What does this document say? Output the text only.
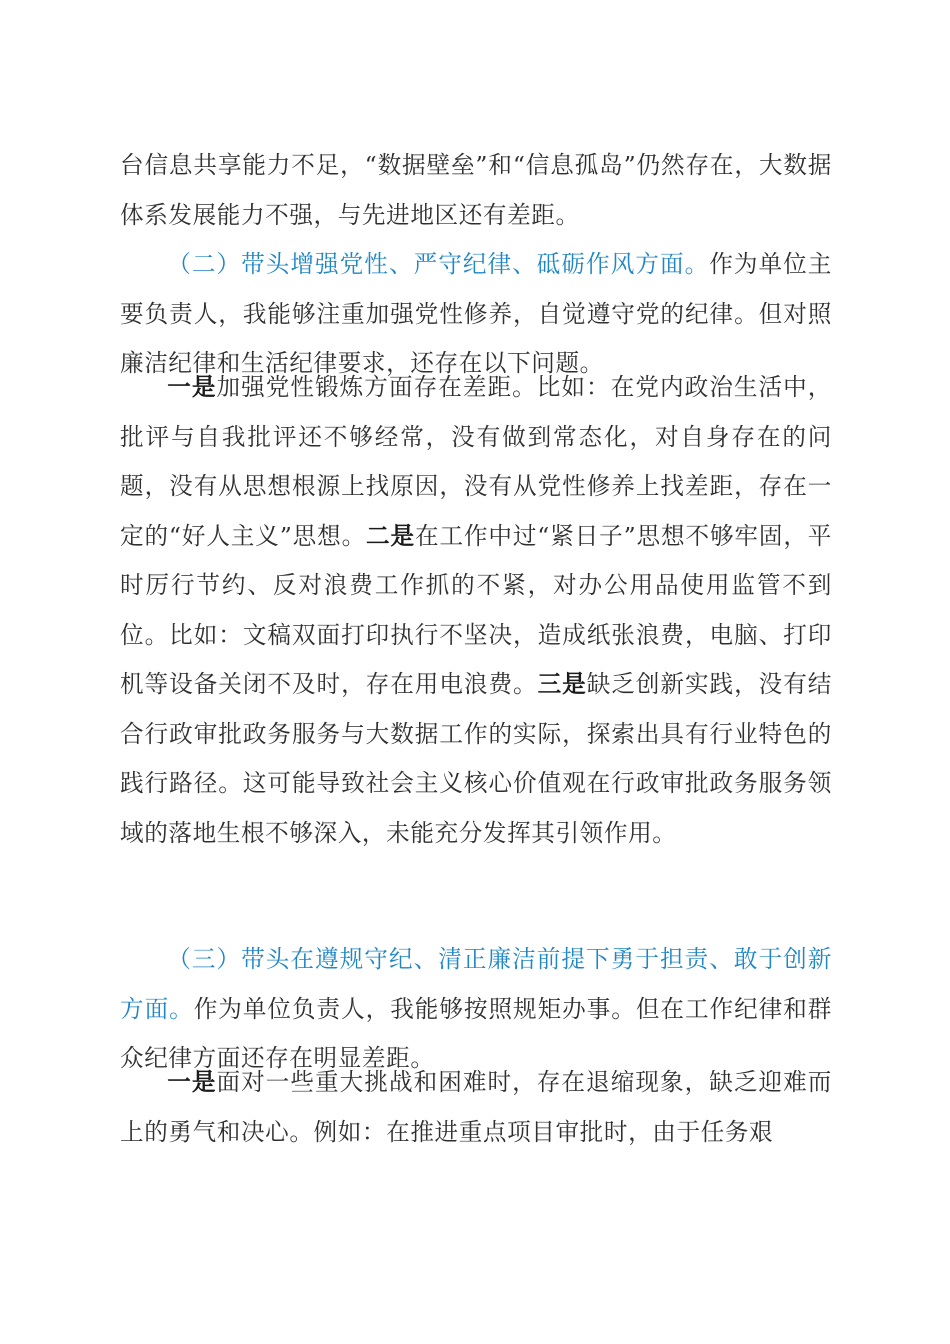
台信息共享能力不足，“数据壁垒”和“信息孤岛”仍然存在，大数据体系发展能力不强，与先进地区还有差距。

（二）带头增强党性、严守纪律、砥砺作风方面。作为单位主要负责人，我能够注重加强党性修养，自觉遵守党的纪律。但对照廉洁纪律和生活纪律要求，还存在以下问题。

一是加强党性锻炼方面存在差距。比如：在党内政治生活中，批评与自我批评还不够经常，没有做到常态化，对自身存在的问题，没有从思想根源上找原因，没有从党性修养上找差距，存在一定的“好人主义”思想。二是在工作中过“紧日子”思想不够牢固，平时厉行节约、反对浪费工作抓的不紧，对办公用品使用监管不到位。比如：文稿双面打印执行不坚决，造成纸张浪费，电脑、打印机等设备关闭不及时，存在用电浪费。三是缺乏创新实践，没有结合行政审批政务服务与大数据工作的实际，探索出具有行业特色的践行路径。这可能导致社会主义核心价值观在行政审批政务服务领域的落地生根不够深入，未能充分发挥其引领作用。

（三）带头在遵规守纪、清正廉洁前提下勇于担责、敢于创新方面。作为单位负责人，我能够按照规矩办事。但在工作纪律和群众纪律方面还存在明显差距。

一是面对一些重大挑战和困难时，存在退缩现象，缺乏迎难而上的勇气和决心。例如：在推进重点项目审批时，由于任务艰
